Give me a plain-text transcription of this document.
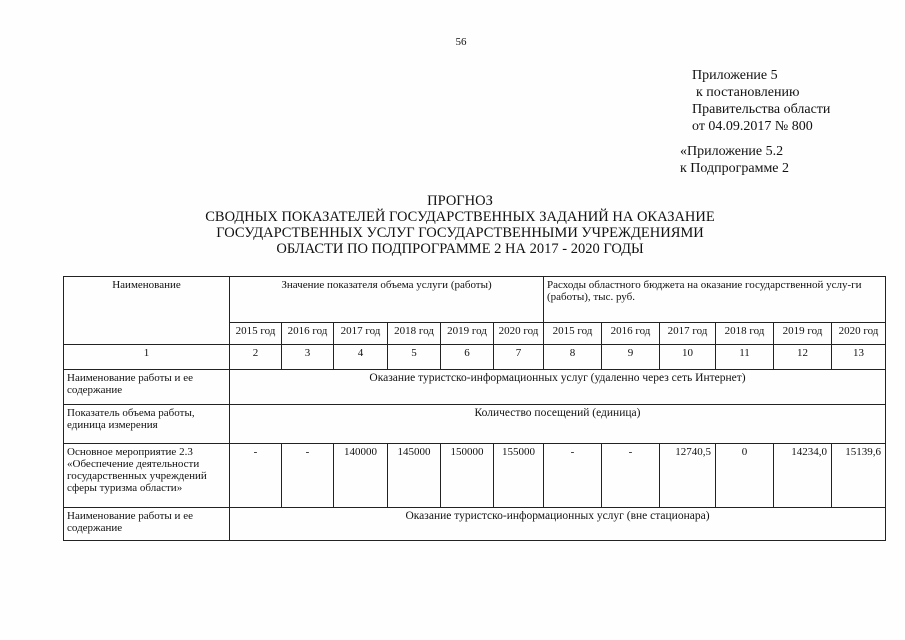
56
Приложение 5
к постановлению
Правительства области
от 04.09.2017 № 800
«Приложение 5.2
к Подпрограмме 2
ПРОГНОЗ
СВОДНЫХ ПОКАЗАТЕЛЕЙ ГОСУДАРСТВЕННЫХ ЗАДАНИЙ НА ОКАЗАНИЕ
ГОСУДАРСТВЕННЫХ УСЛУГ ГОСУДАРСТВЕННЫМИ УЧРЕЖДЕНИЯМИ
ОБЛАСТИ ПО ПОДПРОГРАММЕ 2 НА 2017 - 2020 ГОДЫ
Наименование	Значение показателя объема услуги (работы)						Расходы областного бюджета на оказание государственной услу-ги (работы), тыс. руб.					
	2015 год	2016 год	2017 год	2018 год	2019 год	2020 год	2015 год	2016 год	2017 год	2018 год	2019 год	2020 год
1	2	3	4	5	6	7	8	9	10	11	12	13
Наименование работы и ее содержание	Оказание туристско-информационных услуг (удаленно через сеть Интернет)											
Показатель объема работы, единица измерения	Количество посещений (единица)											
Основное мероприятие 2.3 «Обеспечение деятельности государственных учреждений сферы туризма области»	-	-	140000	145000	150000	155000	-	-	12740,5	0	14234,0	15139,6
Наименование работы и ее содержание	Оказание туристско-информационных услуг (вне стационара)											
